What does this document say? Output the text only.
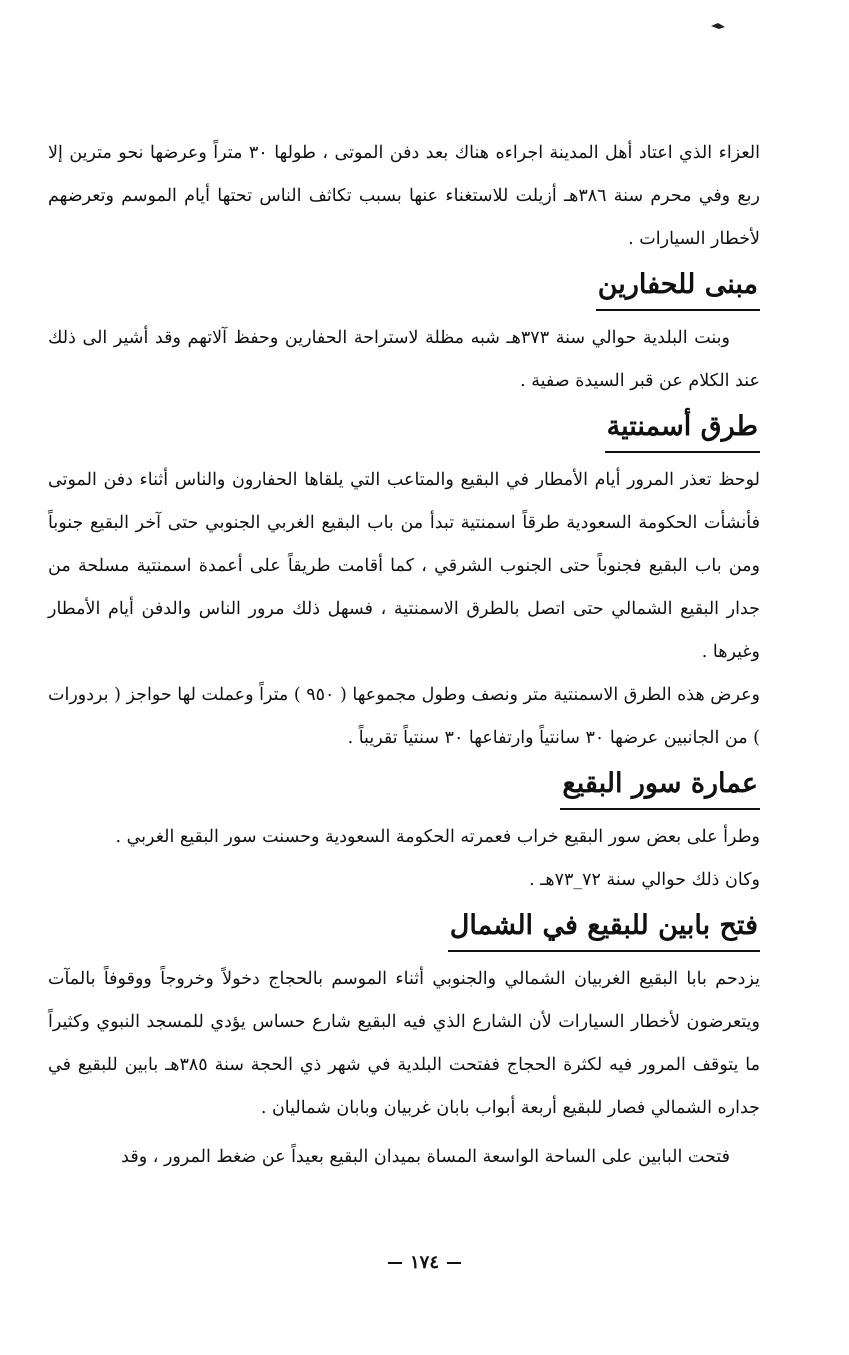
العزاء الذي اعتاد أهل المدينة اجراءه هناك بعد دفن الموتى ، طولها ٣٠ متراً وعرضها نحو مترين إلا ربع وفي محرم سنة ٣٨٦هـ أزيلت للاستغناء عنها بسبب تكاثف الناس تحتها أيام الموسم وتعرضهم لأخطار السيارات .

مبنى للحفارين

وبنت البلدية حوالي سنة ٣٧٣هـ شبه مظلة لاستراحة الحفارين وحفظ آلاتهم وقد أشير الى ذلك عند الكلام عن قبر السيدة صفية .

طرق أسمنتية

لوحظ تعذر المرور أيام الأمطار في البقيع والمتاعب التي يلقاها الحفارون والناس أثناء دفن الموتى فأنشأت الحكومة السعودية طرقاً اسمنتية تبدأ من باب البقيع الغربي الجنوبي حتى آخر البقيع جنوباً ومن باب البقيع فجنوباً حتى الجنوب الشرقي ، كما أقامت طريقاً على أعمدة اسمنتية مسلحة من جدار البقيع الشمالي حتى اتصل بالطرق الاسمنتية ، فسهل ذلك مرور الناس والدفن أيام الأمطار وغيرها .

وعرض هذه الطرق الاسمنتية متر ونصف وطول مجموعها ( ٩٥٠ ) متراً وعملت لها حواجز ( بردورات ) من الجانبين عرضها ٣٠ سانتياً وارتفاعها ٣٠ سنتياً تقريباً .

عمارة سور البقيع

وطرأ على بعض سور البقيع خراب فعمرته الحكومة السعودية وحسنت سور البقيع الغربي .

وكان ذلك حوالي سنة ٧٢_٧٣هـ .

فتح بابين للبقيع في الشمال

يزدحم بابا البقيع الغربيان الشمالي والجنوبي أثناء الموسم بالحجاج دخولاً وخروجاً ووقوفاً بالمآت ويتعرضون لأخطار السيارات لأن الشارع الذي فيه البقيع شارع حساس يؤدي للمسجد النبوي وكثيراً ما يتوقف المرور فيه لكثرة الحجاج ففتحت البلدية في شهر ذي الحجة سنة ٣٨٥هـ بابين للبقيع في جداره الشمالي فصار للبقيع أربعة أبواب بابان غربيان وبابان شماليان .

فتحت البابين على الساحة الواسعة المساة بميدان البقيع بعيداً عن ضغط المرور ، وقد

١٧٤
